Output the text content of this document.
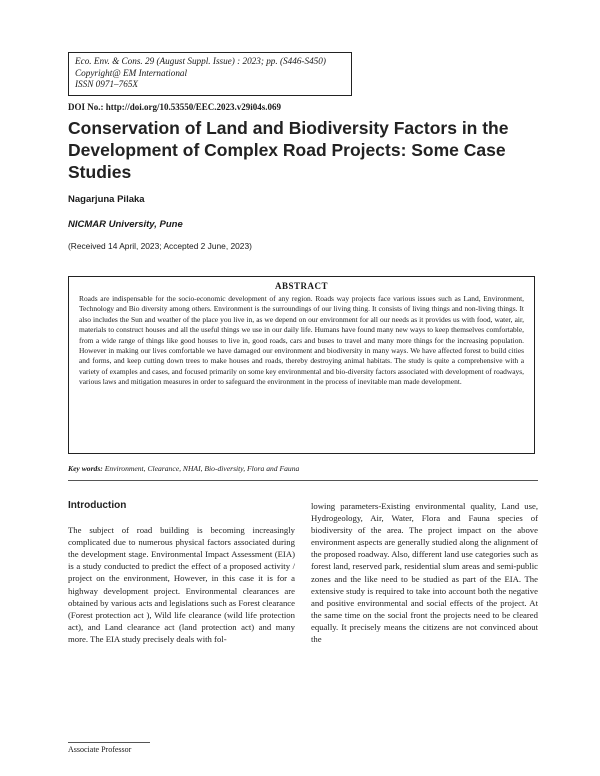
Eco. Env. & Cons. 29 (August Suppl. Issue) : 2023; pp. (S446-S450)
Copyright@ EM International
ISSN 0971–765X
DOI No.: http://doi.org/10.53550/EEC.2023.v29i04s.069
Conservation of Land and Biodiversity Factors in the Development of Complex Road Projects: Some Case Studies
Nagarjuna Pilaka
NICMAR University, Pune
(Received 14 April, 2023; Accepted 2 June, 2023)
ABSTRACT
Roads are indispensable for the socio-economic development of any region. Roads way projects face various issues such as Land, Environment, Technology and Bio diversity among others. Environment is the surroundings of our living thing. It consists of living things and non-living things. It also includes the Sun and weather of the place you live in, as we depend on our environment for all our needs as it provides us with food, water, air, materials to construct houses and all the useful things we use in our daily life. Humans have found many new ways to keep themselves comfortable, from a wide range of things like good houses to live in, good roads, cars and buses to travel and many more things for the increasing population. However in making our lives comfortable we have damaged our environment and biodiversity in many ways. We have affected forest to build cities and forms, and keep cutting down trees to make houses and roads, thereby destroying animal habitats. The study is quite a comprehensive with a variety of examples and cases, and focused primarily on some key environmental and bio-diversity factors associated with development of roadways, various laws and mitigation measures in order to safeguard the environment in the process of inevitable man made development.
Key words: Environment, Clearance, NHAI, Bio-diversity, Flora and Fauna
Introduction
The subject of road building is becoming increasingly complicated due to numerous physical factors associated during the development stage. Environmental Impact Assessment (EIA) is a study conducted to predict the effect of a proposed activity / project on the environment, However, in this case it is for a highway development project. Environmental clearances are obtained by various acts and legislations such as Forest clearance (Forest protection act ), Wild life clearance (wild life protection act), and Land clearance act (land protection act) and many more. The EIA study precisely deals with fol-
lowing parameters-Existing environmental quality, Land use, Hydrogeology, Air, Water, Flora and Fauna species of biodiversity of the area. The project impact on the above environment aspects are generally studied along the alignment of the proposed roadway. Also, different land use categories such as forest land, reserved park, residential slum areas and semi-public zones and the like need to be studied as part of the EIA. The extensive study is required to take into account both the negative and positive environmental and social effects of the project. At the same time on the social front the projects need to be cleared equally. It precisely means the citizens are not convinced about the
Associate Professor
